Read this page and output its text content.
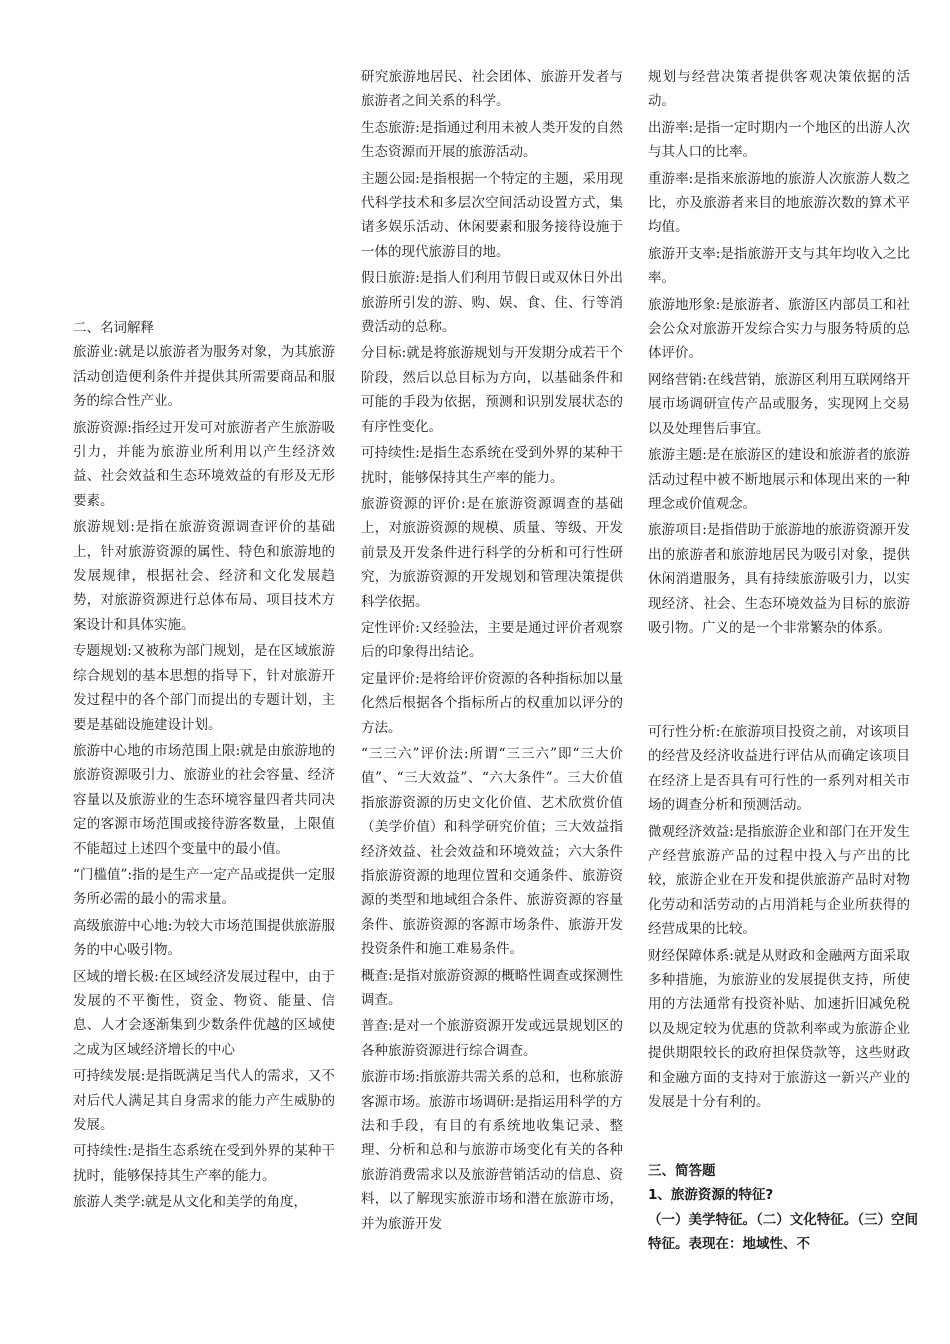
二、名词解释

旅游业:就是以旅游者为服务对象，为其旅游活动创造便利条件并提供其所需要商品和服务的综合性产业。

旅游资源:指经过开发可对旅游者产生旅游吸引力，并能为旅游业所利用以产生经济效益、社会效益和生态环境效益的有形及无形要素。

旅游规划:是指在旅游资源调查评价的基础上，针对旅游资源的属性、特色和旅游地的发展规律，根据社会、经济和文化发展趋势，对旅游资源进行总体布局、项目技术方案设计和具体实施。

专题规划:又被称为部门规划，是在区域旅游综合规划的基本思想的指导下，针对旅游开发过程中的各个部门而提出的专题计划，主要是基础设施建设计划。

旅游中心地的市场范围上限:就是由旅游地的旅游资源吸引力、旅游业的社会容量、经济容量以及旅游业的生态环境容量四者共同决定的客源市场范围或接待游客数量，上限值不能超过上述四个变量中的最小值。

“门槛值”:指的是生产一定产品或提供一定服务所必需的最小的需求量。

高级旅游中心地:为较大市场范围提供旅游服务的中心吸引物。

区域的增长极:在区域经济发展过程中，由于发展的不平衡性，资金、物资、能量、信息、人才会逐渐集到少数条件优越的区域使之成为区域经济增长的中心

可持续发展:是指既满足当代人的需求，又不对后代人满足其自身需求的能力产生威胁的发展。

可持续性:是指生态系统在受到外界的某种干扰时，能够保持其生产率的能力。

旅游人类学:就是从文化和美学的角度，

研究旅游地居民、社会团体、旅游开发者与旅游者之间关系的科学。

生态旅游:是指通过利用未被人类开发的自然生态资源而开展的旅游活动。

主题公园:是指根据一个特定的主题，采用现代科学技术和多层次空间活动设置方式，集诸多娱乐活动、休闲要素和服务接待设施于一体的现代旅游目的地。

假日旅游:是指人们利用节假日或双休日外出旅游所引发的游、购、娱、食、住、行等消费活动的总称。

分目标:就是将旅游规划与开发期分成若干个阶段，然后以总目标为方向，以基础条件和可能的手段为依据，预测和识别发展状态的有序性变化。

可持续性:是指生态系统在受到外界的某种干扰时，能够保持其生产率的能力。

旅游资源的评价:是在旅游资源调查的基础上，对旅游资源的规模、质量、等级、开发前景及开发条件进行科学的分析和可行性研究，为旅游资源的开发规划和管理决策提供科学依据。

定性评价:又经验法，主要是通过评价者观察后的印象得出结论。

定量评价:是将给评价资源的各种指标加以量化然后根据各个指标所占的权重加以评分的方法。

“三三六”评价法:所谓“三三六”即“三大价值”、“三大效益”、“六大条件”。三大价值指旅游资源的历史文化价值、艺术欣赏价值（美学价值）和科学研究价值；三大效益指经济效益、社会效益和环境效益；六大条件指旅游资源的地理位置和交通条件、旅游资源的类型和地域组合条件、旅游资源的容量条件、旅游资源的客源市场条件、旅游开发投资条件和施工难易条件。

概查:是指对旅游资源的概略性调查或探测性调查。

普查:是对一个旅游资源开发或远景规划区的各种旅游资源进行综合调查。

旅游市场:指旅游共需关系的总和，也称旅游客源市场。旅游市场调研:是指运用科学的方法和手段，有目的有系统地收集记录、整理、分析和总和与旅游市场变化有关的各种旅游消费需求以及旅游营销活动的信息、资料，以了解现实旅游市场和潜在旅游市场，并为旅游开发

规划与经营决策者提供客观决策依据的活动。

出游率:是指一定时期内一个地区的出游人次与其人口的比率。

重游率:是指来旅游地的旅游人次旅游人数之比，亦及旅游者来目的地旅游次数的算术平均值。

旅游开支率:是指旅游开支与其年均收入之比率。

旅游地形象:是旅游者、旅游区内部员工和社会公众对旅游开发综合实力与服务特质的总体评价。

网络营销:在线营销，旅游区利用互联网络开展市场调研宣传产品或服务，实现网上交易以及处理售后事宜。

旅游主题:是在旅游区的建设和旅游者的旅游活动过程中被不断地展示和体现出来的一种理念或价值观念。

旅游项目:是指借助于旅游地的旅游资源开发出的旅游者和旅游地居民为吸引对象，提供休闲消遣服务，具有持续旅游吸引力，以实现经济、社会、生态环境效益为目标的旅游吸引物。广义的是一个非常繁杂的体系。

可行性分析:在旅游项目投资之前，对该项目的经营及经济收益进行评估从而确定该项目在经济上是否具有可行性的一系列对相关市场的调查分析和预测活动。

微观经济效益:是指旅游企业和部门在开发生产经营旅游产品的过程中投入与产出的比较，旅游企业在开发和提供旅游产品时对物化劳动和活劳动的占用消耗与企业所获得的经营成果的比较。

财经保障体系:就是从财政和金融两方面采取多种措施，为旅游业的发展提供支持，所使用的方法通常有投资补贴、加速折旧减免税以及规定较为优惠的贷款利率或为旅游企业提供期限较长的政府担保贷款等，这些财政和金融方面的支持对于旅游这一新兴产业的发展是十分有利的。

三、简答题

1、旅游资源的特征?

（一）美学特征。（二）文化特征。（三）空间特征。表现在：地域性、不
